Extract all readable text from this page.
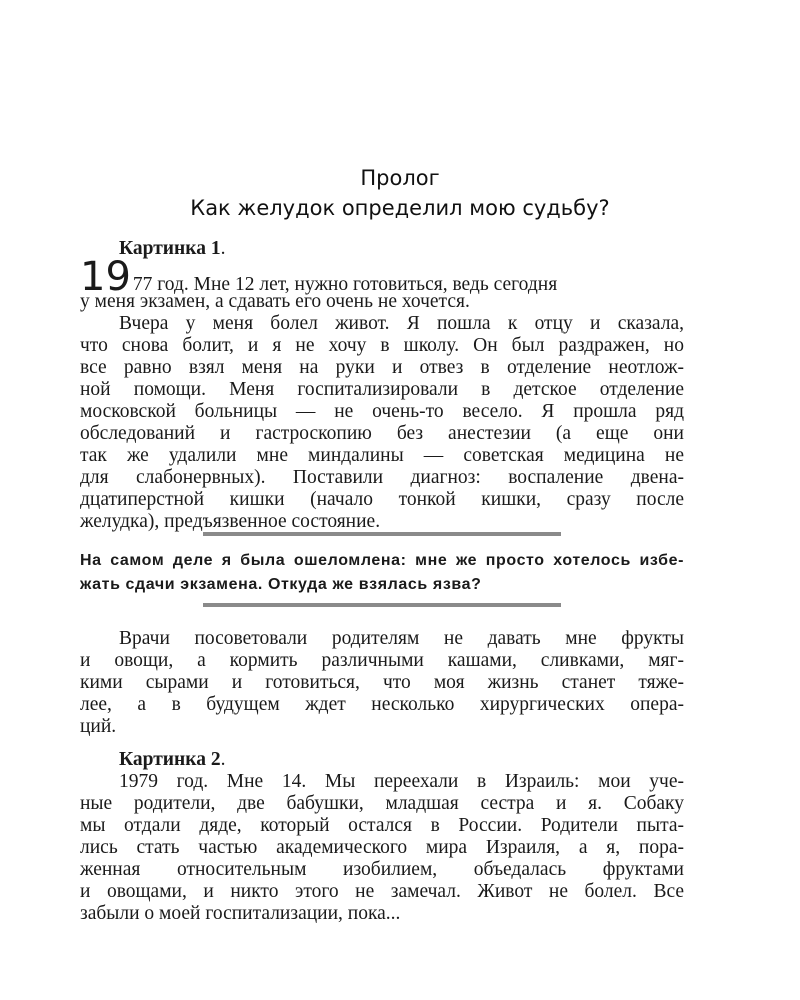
Пролог
Как желудок определил мою судьбу?
Картинка 1.
19 77 год. Мне 12 лет, нужно готовиться, ведь сегодня
у меня экзамен, а сдавать его очень не хочется.
Вчера у меня болел живот. Я пошла к отцу и сказала,
что снова болит, и я не хочу в школу. Он был раздражен, но
все равно взял меня на руки и отвез в отделение неотлож-
ной помощи. Меня госпитализировали в детское отделение
московской больницы — не очень-то весело. Я прошла ряд
обследований и гастроскопию без анестезии (а еще они
так же удалили мне миндалины — советская медицина не
для слабонервных). Поставили диагноз: воспаление двена-
дцатиперстной кишки (начало тонкой кишки, сразу после
желудка), предъязвенное состояние.
На самом деле я была ошеломлена: мне же просто хотелось избе-
жать сдачи экзамена. Откуда же взялась язва?
Врачи посоветовали родителям не давать мне фрукты
и овощи, а кормить различными кашами, сливками, мяг-
кими сырами и готовиться, что моя жизнь станет тяже-
лее, а в будущем ждет несколько хирургических опера-
ций.
Картинка 2.
1979 год. Мне 14. Мы переехали в Израиль: мои уче-
ные родители, две бабушки, младшая сестра и я. Собаку
мы отдали дяде, который остался в России. Родители пыта-
лись стать частью академического мира Израиля, а я, пора-
женная относительным изобилием, объедалась фруктами
и овощами, и никто этого не замечал. Живот не болел. Все
забыли о моей госпитализации, пока...
